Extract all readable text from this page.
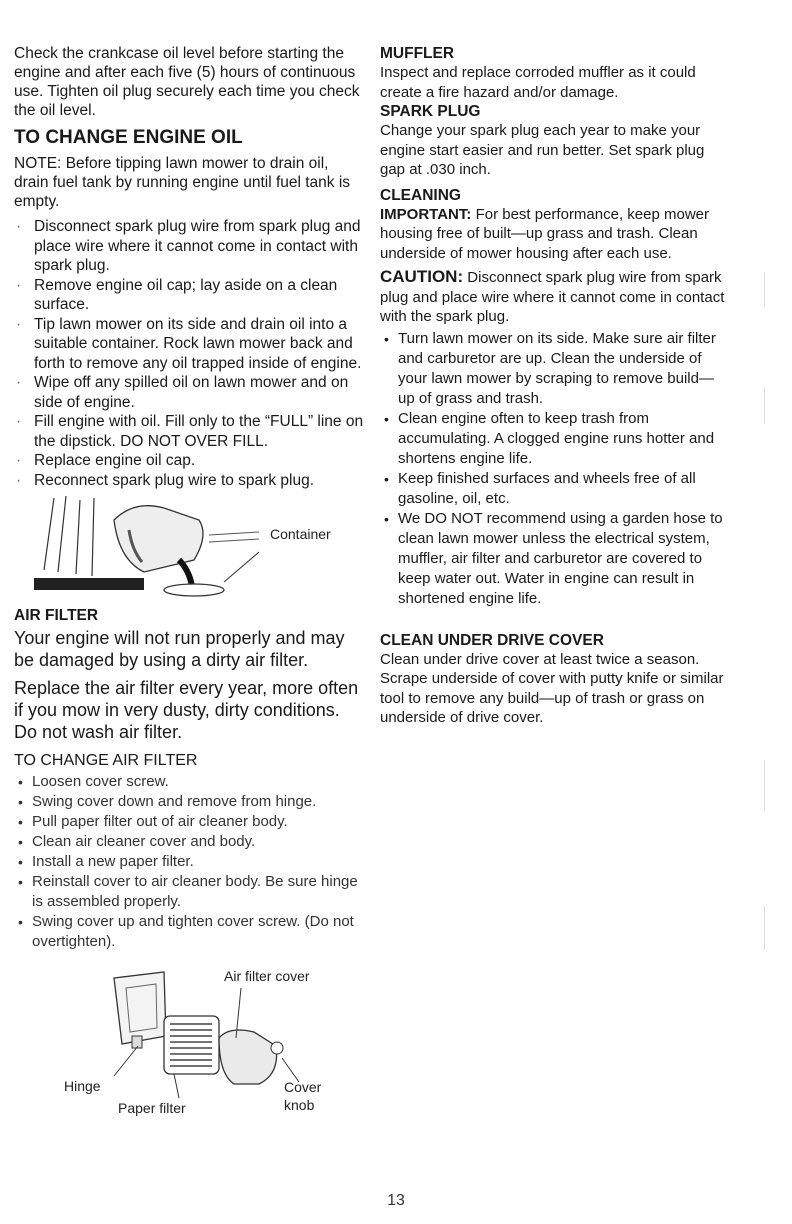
Check the crankcase oil level before starting the engine and after each five (5) hours of continuous use. Tighten oil plug securely each time you check the oil level.

TO CHANGE ENGINE OIL

NOTE: Before tipping lawn mower to drain oil, drain fuel tank by running engine until fuel tank is empty.

· Disconnect spark plug wire from spark plug and place wire where it cannot come in contact with spark plug.
· Remove engine oil cap; lay aside on a clean surface.
· Tip lawn mower on its side and drain oil into a suitable container. Rock lawn mower back and forth to remove any oil trapped inside of engine.
· Wipe off any spilled oil on lawn mower and on side of engine.
· Fill engine with oil. Fill only to the “FULL” line on the dipstick. DO NOT OVER FILL.
· Replace engine oil cap.
· Reconnect spark plug wire to spark plug.
Container
AIR FILTER

Your engine will not run properly and may be damaged by using a dirty air filter.

Replace the air filter every year, more often if you mow in very dusty, dirty conditions. Do not wash air filter.

TO CHANGE AIR FILTER
• Loosen cover screw.
• Swing cover down and remove from hinge.
• Pull paper filter out of air cleaner body.
• Clean air cleaner cover and body.
• Install a new paper filter.
• Reinstall cover to air cleaner body. Be sure hinge is assembled properly.
• Swing cover up and tighten cover screw. (Do not overtighten).
Air filter cover
Hinge
Paper filter
Cover knob
MUFFLER

Inspect and replace corroded muffler as it could create a fire hazard and/or damage.

SPARK PLUG

Change your spark plug each year to make your engine start easier and run better. Set spark plug gap at .030 inch.

CLEANING

IMPORTANT: For best performance, keep mower housing free of built—up grass and trash. Clean underside of mower housing after each use.

CAUTION: Disconnect spark plug wire from spark plug and place wire where it cannot come in contact with the spark plug.

• Turn lawn mower on its side. Make sure air filter and carburetor are up. Clean the underside of your lawn mower by scraping to remove build—up of grass and trash.
• Clean engine often to keep trash from accumulating. A clogged engine runs hotter and shortens engine life.
• Keep finished surfaces and wheels free of all gasoline, oil, etc.
• We DO NOT recommend using a garden hose to clean lawn mower unless the electrical system, muffler, air filter and carburetor are covered to keep water out. Water in engine can result in shortened engine life.
CLEAN UNDER DRIVE COVER

Clean under drive cover at least twice a season. Scrape underside of cover with putty knife or similar tool to remove any build—up of trash or grass on underside of drive cover.

13
